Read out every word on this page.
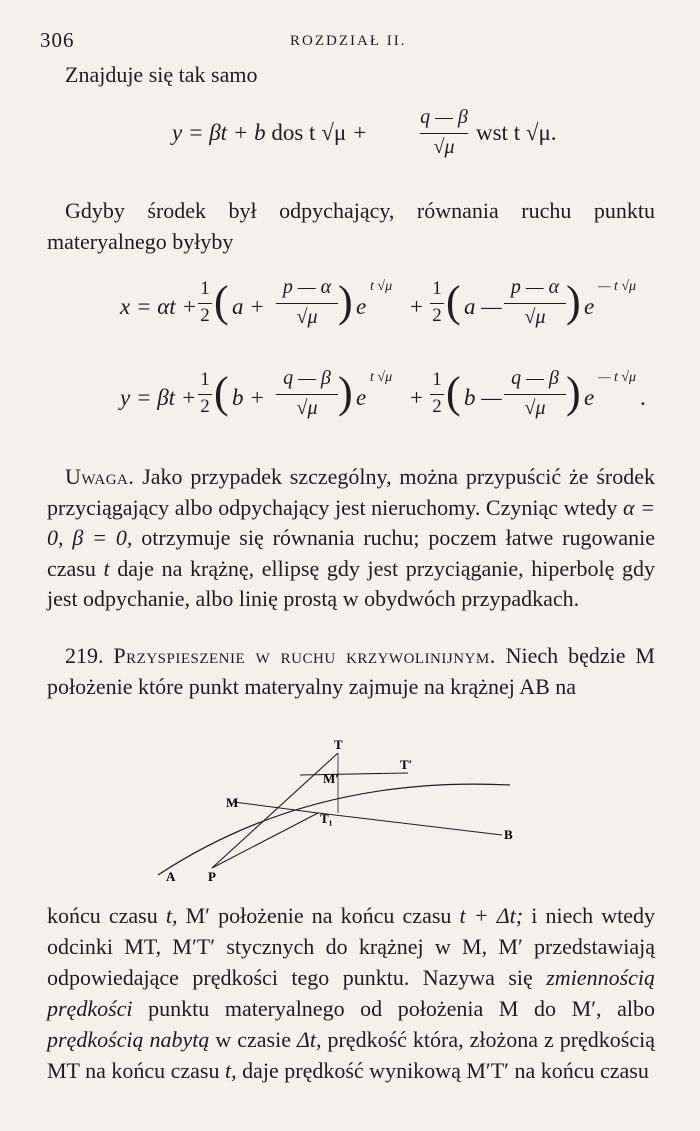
306	ROZDZIAŁ II.
Znajduje się tak samo
y = βt + b dos t √μ +
q — β
√μ
wst t √μ.

Gdyby środek był odpychający, równania ruchu punktu materyalnego byłyby

x = αt +
1
2 ( a +
p — α
√μ ) e
t √μ
+
1
2 ( a —
p — α
√μ ) e
— t √μ
y = βt +
1
2 ( b +
q — β
√μ ) e
t √μ
+
1
2 ( b —
q — β
√μ ) e
— t √μ
.

Uwaga. Jako przypadek szczególny, można przypuścić że środek przyciągający albo odpychający jest nieruchomy. Czyniąc wtedy α = 0, β = 0, otrzymuje się równania ruchu; poczem łatwe rugowanie czasu t daje na krążnę, ellipsę gdy jest przyciąganie, hiperbolę gdy jest odpychanie, albo linię prostą w obydwóch przypadkach.

219. Przyspieszenie w ruchu krzywolinijnym. Niech będzie M położenie które punkt materyalny zajmuje na krążnej AB na

T
T′
M′
M
T₁
B
A	P

końcu czasu t, M′ położenie na końcu czasu t + Δt; i niech wtedy odcinki MT, M′T′ stycznych do krążnej w M, M′ przedstawiają odpowiedające prędkości tego punktu. Nazywa się zmiennością prędkości punktu materyalnego od położenia M do M′, albo prędkością nabytą w czasie Δt, prędkość która, złożona z prędkością MT na końcu czasu t, daje prędkość wynikową M′T′ na końcu czasu
